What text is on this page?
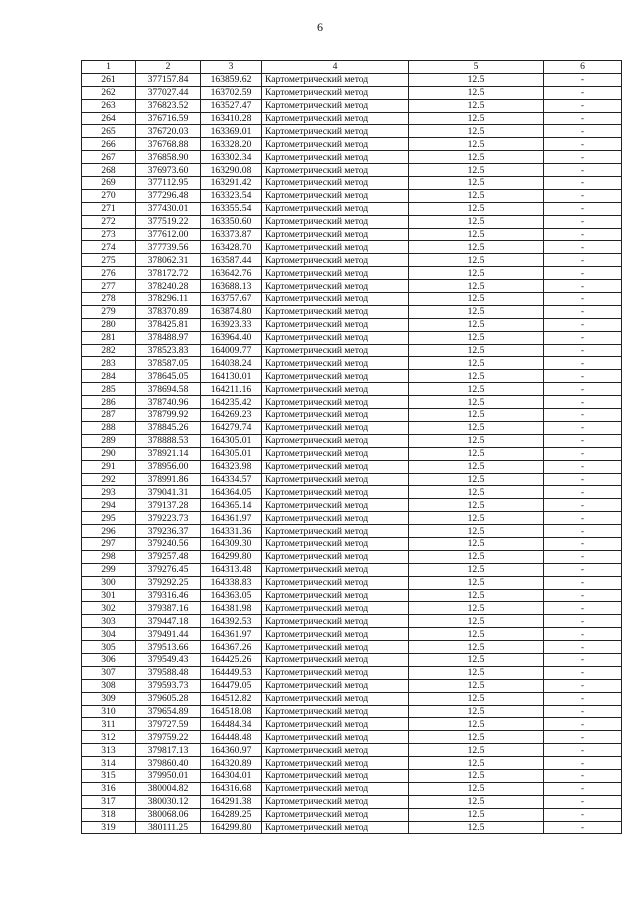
6
1	2	3	4	5	6
261	377157.84	163859.62	Картометрический метод	12.5	-
262	377027.44	163702.59	Картометрический метод	12.5	-
263	376823.52	163527.47	Картометрический метод	12.5	-
264	376716.59	163410.28	Картометрический метод	12.5	-
265	376720.03	163369.01	Картометрический метод	12.5	-
266	376768.88	163328.20	Картометрический метод	12.5	-
267	376858.90	163302.34	Картометрический метод	12.5	-
268	376973.60	163290.08	Картометрический метод	12.5	-
269	377112.95	163291.42	Картометрический метод	12.5	-
270	377296.48	163323.54	Картометрический метод	12.5	-
271	377430.01	163355.54	Картометрический метод	12.5	-
272	377519.22	163350.60	Картометрический метод	12.5	-
273	377612.00	163373.87	Картометрический метод	12.5	-
274	377739.56	163428.70	Картометрический метод	12.5	-
275	378062.31	163587.44	Картометрический метод	12.5	-
276	378172.72	163642.76	Картометрический метод	12.5	-
277	378240.28	163688.13	Картометрический метод	12.5	-
278	378296.11	163757.67	Картометрический метод	12.5	-
279	378370.89	163874.80	Картометрический метод	12.5	-
280	378425.81	163923.33	Картометрический метод	12.5	-
281	378488.97	163964.40	Картометрический метод	12.5	-
282	378523.83	164009.77	Картометрический метод	12.5	-
283	378587.05	164038.24	Картометрический метод	12.5	-
284	378645.05	164130.01	Картометрический метод	12.5	-
285	378694.58	164211.16	Картометрический метод	12.5	-
286	378740.96	164235.42	Картометрический метод	12.5	-
287	378799.92	164269.23	Картометрический метод	12.5	-
288	378845.26	164279.74	Картометрический метод	12.5	-
289	378888.53	164305.01	Картометрический метод	12.5	-
290	378921.14	164305.01	Картометрический метод	12.5	-
291	378956.00	164323.98	Картометрический метод	12.5	-
292	378991.86	164334.57	Картометрический метод	12.5	-
293	379041.31	164364.05	Картометрический метод	12.5	-
294	379137.28	164365.14	Картометрический метод	12.5	-
295	379223.73	164361.97	Картометрический метод	12.5	-
296	379236.37	164331.36	Картометрический метод	12.5	-
297	379240.56	164309.30	Картометрический метод	12.5	-
298	379257.48	164299.80	Картометрический метод	12.5	-
299	379276.45	164313.48	Картометрический метод	12.5	-
300	379292.25	164338.83	Картометрический метод	12.5	-
301	379316.46	164363.05	Картометрический метод	12.5	-
302	379387.16	164381.98	Картометрический метод	12.5	-
303	379447.18	164392.53	Картометрический метод	12.5	-
304	379491.44	164361.97	Картометрический метод	12.5	-
305	379513.66	164367.26	Картометрический метод	12.5	-
306	379549.43	164425.26	Картометрический метод	12.5	-
307	379588.48	164449.53	Картометрический метод	12.5	-
308	379593.73	164479.05	Картометрический метод	12.5	-
309	379605.28	164512.82	Картометрический метод	12.5	-
310	379654.89	164518.08	Картометрический метод	12.5	-
311	379727.59	164484.34	Картометрический метод	12.5	-
312	379759.22	164448.48	Картометрический метод	12.5	-
313	379817.13	164360.97	Картометрический метод	12.5	-
314	379860.40	164320.89	Картометрический метод	12.5	-
315	379950.01	164304.01	Картометрический метод	12.5	-
316	380004.82	164316.68	Картометрический метод	12.5	-
317	380030.12	164291.38	Картометрический метод	12.5	-
318	380068.06	164289.25	Картометрический метод	12.5	-
319	380111.25	164299.80	Картометрический метод	12.5	-
